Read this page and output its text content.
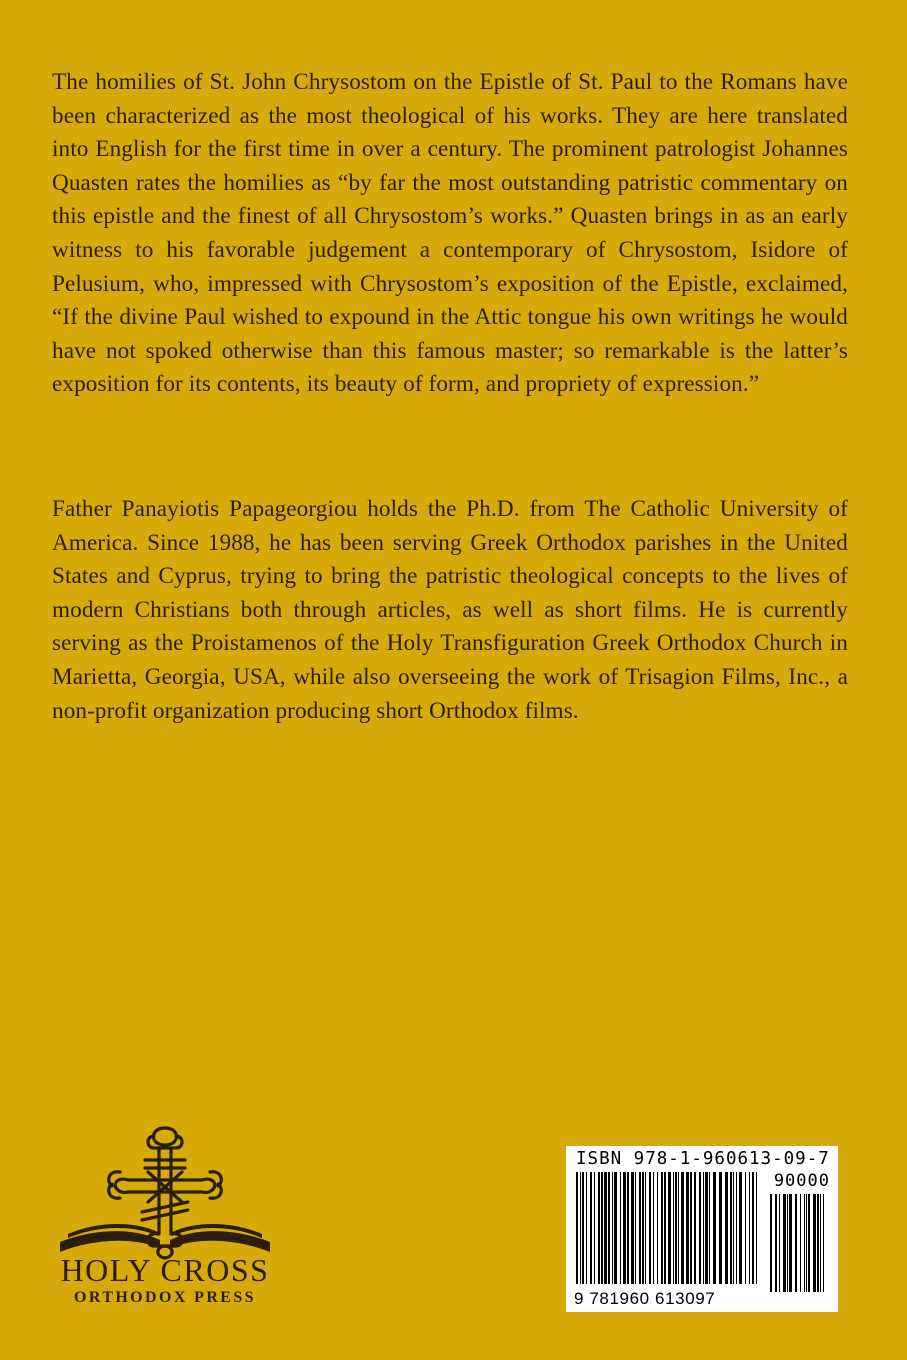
The homilies of St. John Chrysostom on the Epistle of St. Paul to the Romans have been characterized as the most theological of his works. They are here translated into English for the first time in over a century. The prominent patrologist Johannes Quasten rates the homilies as “by far the most outstanding patristic commentary on this epistle and the finest of all Chrysostom’s works.” Quasten brings in as an early witness to his favorable judgement a contemporary of Chrysostom, Isidore of Pelusium, who, impressed with Chrysostom’s exposition of the Epistle, exclaimed, “If the divine Paul wished to expound in the Attic tongue his own writings he would have not spoked otherwise than this famous master; so remarkable is the latter’s exposition for its contents, its beauty of form, and propriety of expression.”

Father Panayiotis Papageorgiou holds the Ph.D. from The Catholic University of America. Since 1988, he has been serving Greek Orthodox parishes in the United States and Cyprus, trying to bring the patristic theological concepts to the lives of modern Christians both through articles, as well as short films. He is currently serving as the Proistamenos of the Holy Transfiguration Greek Orthodox Church in Marietta, Georgia, USA, while also overseeing the work of Trisagion Films, Inc., a non-profit organization producing short Orthodox films.

HOLY CROSS
ORTHODOX PRESS
ISBN 978-1-960613-09-7
90000
9 781960 613097
